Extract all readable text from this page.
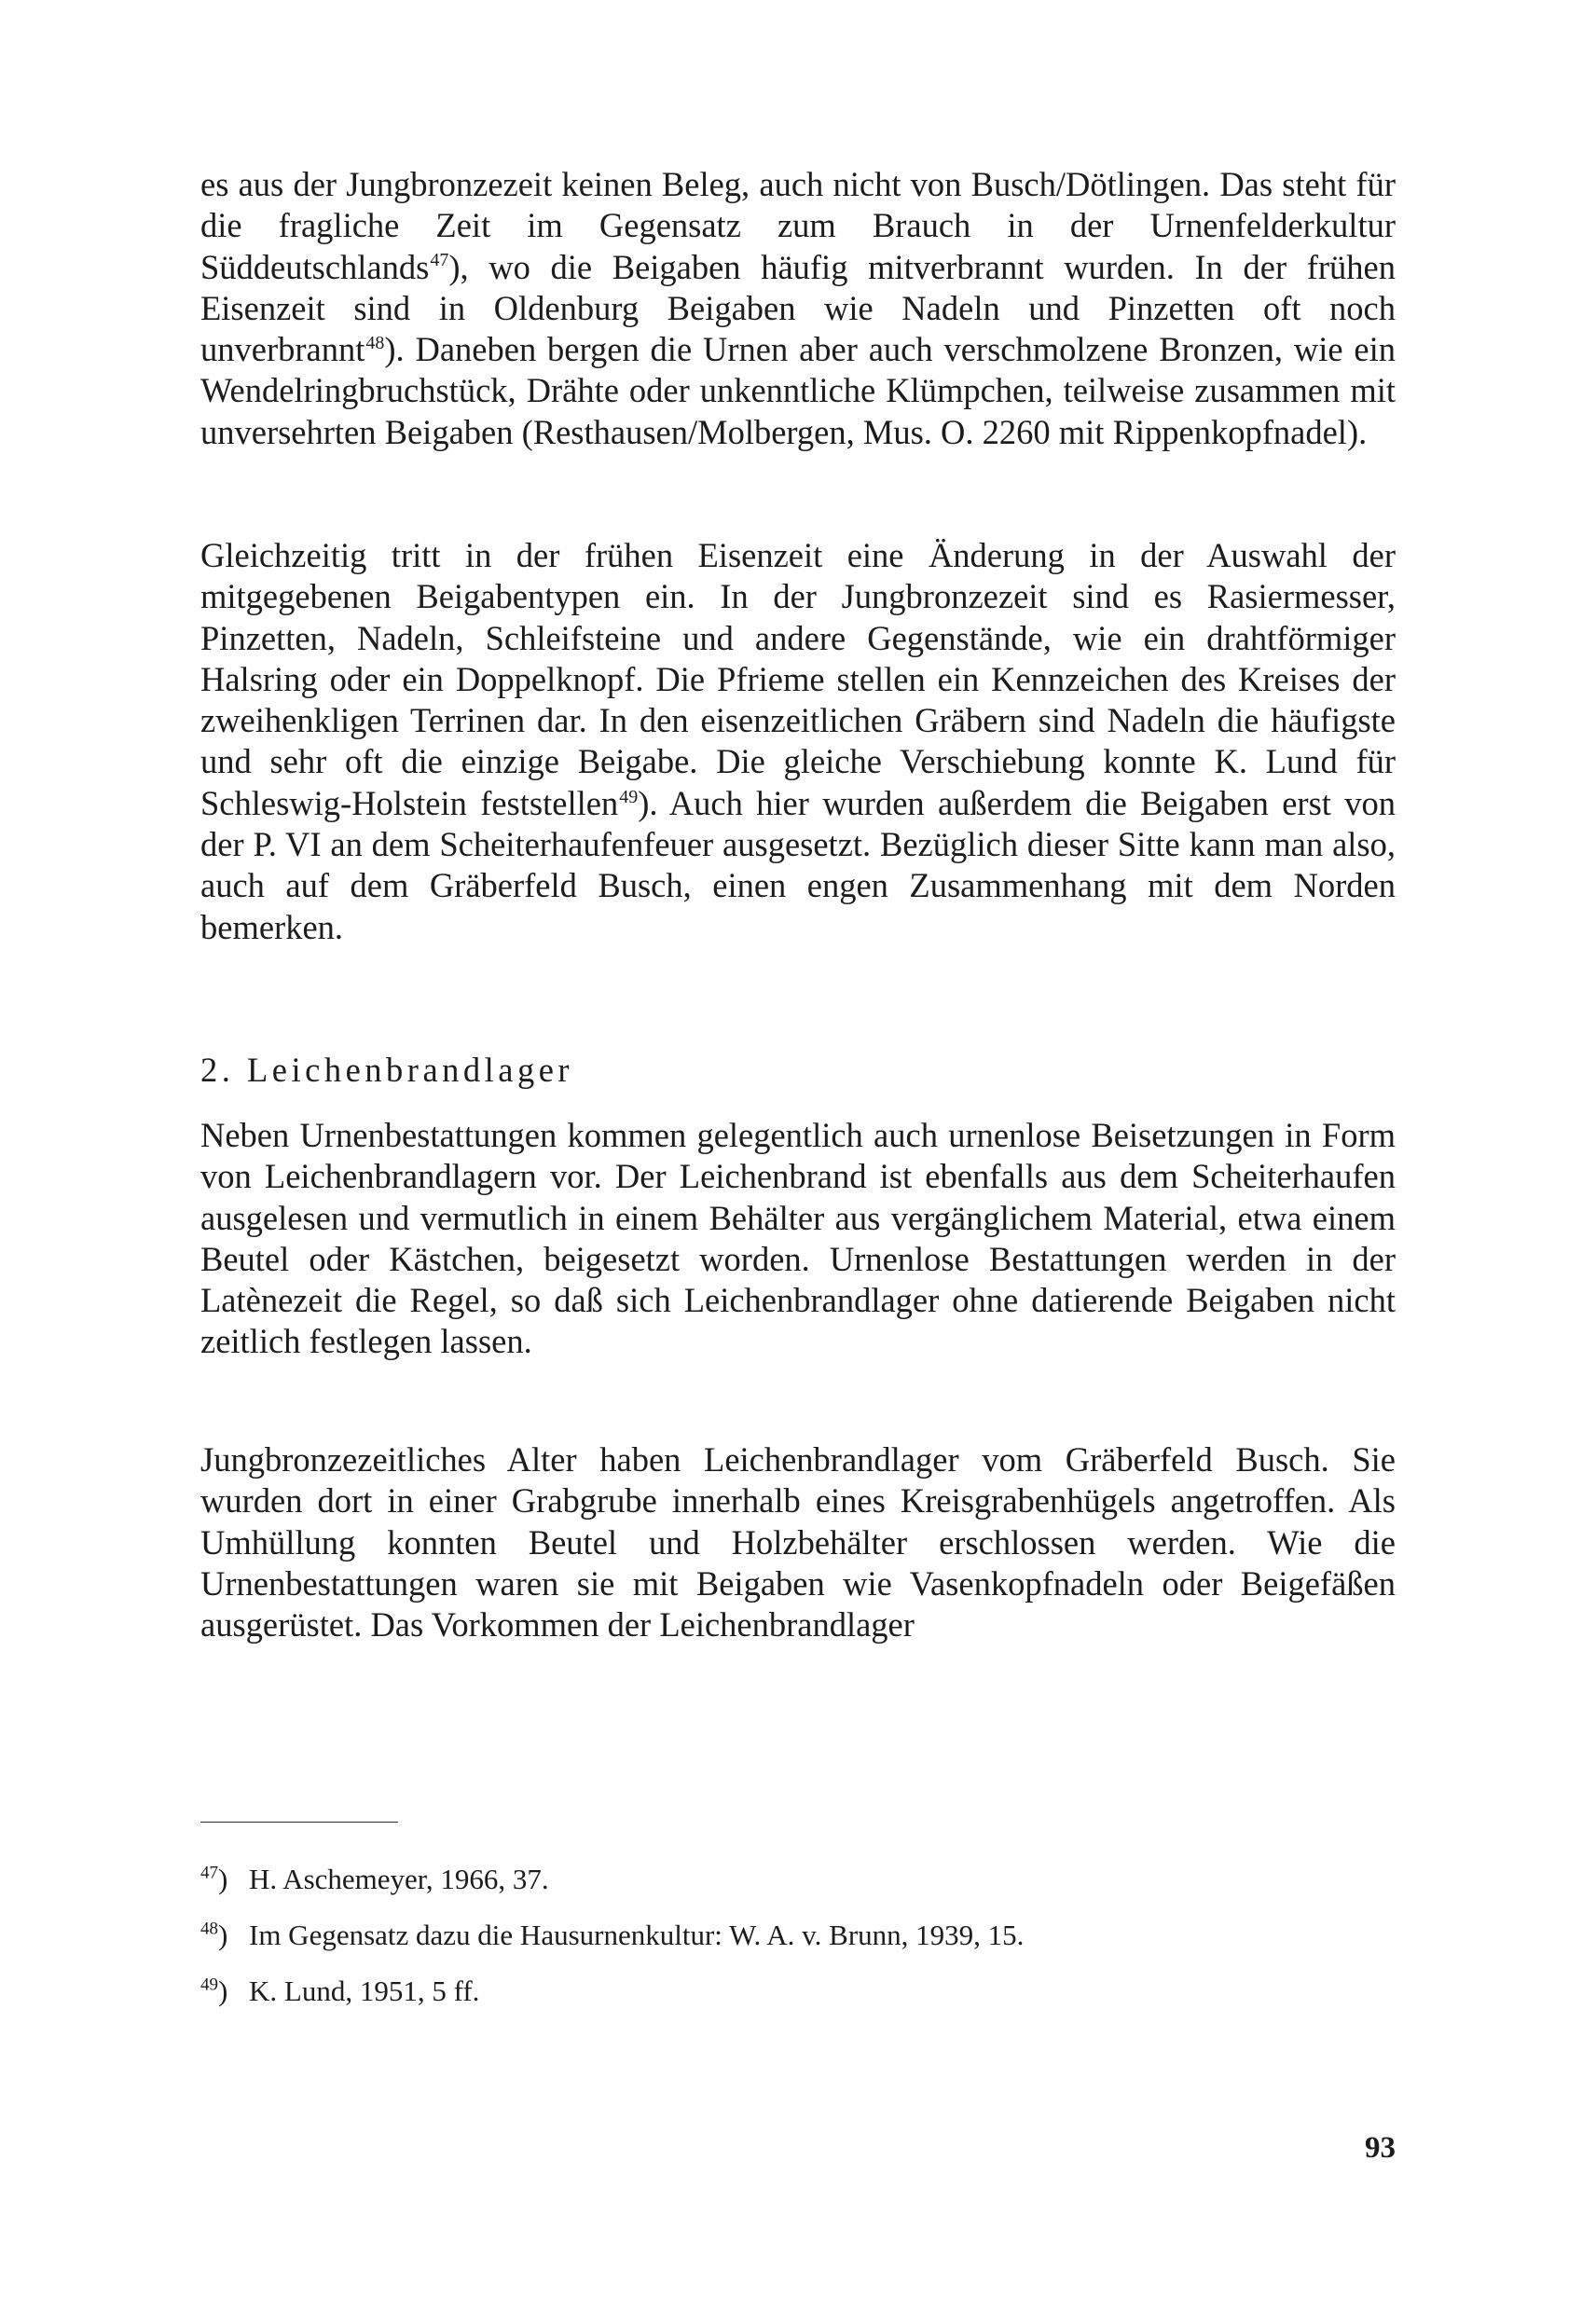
es aus der Jungbronzezeit keinen Beleg, auch nicht von Busch/Dötlingen. Das steht für die fragliche Zeit im Gegensatz zum Brauch in der Urnenfelderkultur Süddeutschlands$^{47}$), wo die Beigaben häufig mitverbrannt wurden. In der frühen Eisenzeit sind in Oldenburg Beigaben wie Nadeln und Pinzetten oft noch unverbrannt$^{48}$). Daneben bergen die Urnen aber auch verschmolzene Bronzen, wie ein Wendelringbruchstück, Drähte oder unkenntliche Klümpchen, teilweise zusammen mit unversehrten Beigaben (Resthausen/Molbergen, Mus. O. 2260 mit Rippenkopfnadel).

Gleichzeitig tritt in der frühen Eisenzeit eine Änderung in der Auswahl der mitgegebenen Beigabentypen ein. In der Jungbronzezeit sind es Rasiermesser, Pinzetten, Nadeln, Schleifsteine und andere Gegenstände, wie ein drahtförmiger Halsring oder ein Doppelknopf. Die Pfrieme stellen ein Kennzeichen des Kreises der zweihenkligen Terrinen dar. In den eisenzeitlichen Gräbern sind Nadeln die häufigste und sehr oft die einzige Beigabe. Die gleiche Verschiebung konnte K. Lund für Schleswig-Holstein feststellen$^{49}$). Auch hier wurden außerdem die Beigaben erst von der P. VI an dem Scheiterhaufenfeuer ausgesetzt. Bezüglich dieser Sitte kann man also, auch auf dem Gräberfeld Busch, einen engen Zusammenhang mit dem Norden bemerken.

2. Leichenbrandlager

Neben Urnenbestattungen kommen gelegentlich auch urnenlose Beisetzungen in Form von Leichenbrandlagern vor. Der Leichenbrand ist ebenfalls aus dem Scheiterhaufen ausgelesen und vermutlich in einem Behälter aus vergänglichem Material, etwa einem Beutel oder Kästchen, beigesetzt worden. Urnenlose Bestattungen werden in der Latènezeit die Regel, so daß sich Leichenbrandlager ohne datierende Beigaben nicht zeitlich festlegen lassen.

Jungbronzezeitliches Alter haben Leichenbrandlager vom Gräberfeld Busch. Sie wurden dort in einer Grabgrube innerhalb eines Kreisgrabenhügels angetroffen. Als Umhüllung konnten Beutel und Holzbehälter erschlossen werden. Wie die Urnenbestattungen waren sie mit Beigaben wie Vasenkopfnadeln oder Beigefäßen ausgerüstet. Das Vorkommen der Leichenbrandlager

$^{47}$) H. Aschemeyer, 1966, 37.
$^{48}$) Im Gegensatz dazu die Hausurnenkultur: W. A. v. Brunn, 1939, 15.
$^{49}$) K. Lund, 1951, 5 ff.
93
